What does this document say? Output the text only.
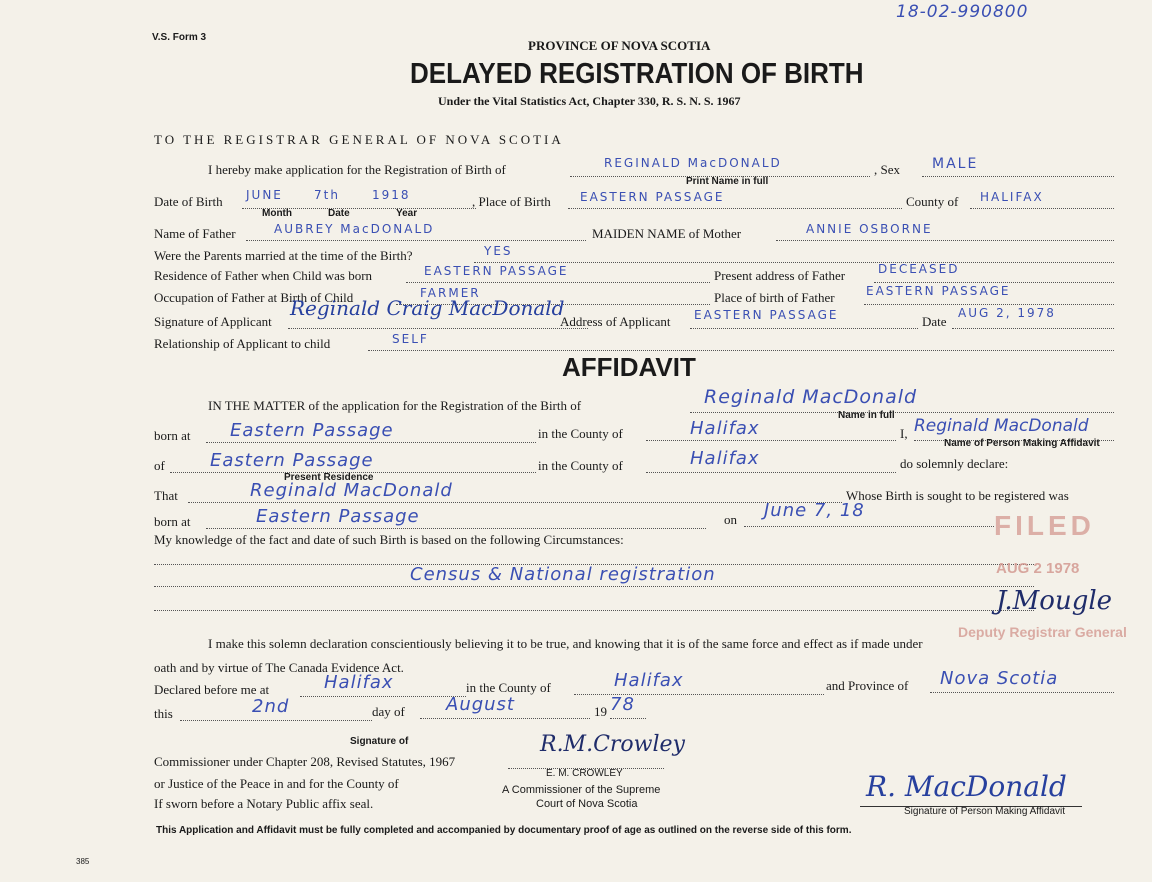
V.S. Form 3
18-02-990800
PROVINCE OF NOVA SCOTIA
DELAYED REGISTRATION OF BIRTH
Under the Vital Statistics Act, Chapter 330, R. S. N. S. 1967
TO THE REGISTRAR GENERAL OF NOVA SCOTIA
I hereby make application for the Registration of Birth of	REGINALD MacDONALD
Print Name in full
, Sex MALE
Date of Birth JUNE	7th	1918
Month	Date	Year
, Place of Birth EASTERN PASSAGE	County of HALIFAX
Name of Father	AUBREY MacDONALD	MAIDEN NAME of Mother	ANNIE OSBORNE
Were the Parents married at the time of the Birth?	YES
Residence of Father when Child was born	EASTERN PASSAGE	Present address of Father	DECEASED
Occupation of Father at Birth of Child	FARMER	Place of birth of Father	EASTERN PASSAGE
Signature of Applicant
Reginald Craig MacDonald
Address of Applicant EASTERN PASSAGE	Date
AUG 2, 1978
Relationship of Applicant to child	SELF
AFFIDAVIT
IN THE MATTER of the application for the Registration of the Birth of	Reginald MacDonald
Name in full
born at Eastern Passage	in the County of	Halifax	I, Reginald MacDonald
Name of Person Making Affidavit
of	Eastern Passage
Present Residence
in the County of	Halifax	do solemnly declare:
That	Reginald MacDonald	Whose Birth is sought to be registered was
born at	Eastern Passage	on June 7, 18
My knowledge of the fact and date of such Birth is based on the following Circumstances:
Census & National registration
FILED
AUG 2 1978
J.Mougle
Deputy Registrar General
I make this solemn declaration conscientiously believing it to be true, and knowing that it is of the same force and effect as if made under
oath and by virtue of The Canada Evidence Act.
Declared before me at	Halifax	in the County of	Halifax	and Province of Nova Scotia
this	2nd	day of August	19 78
Signature of
Commissioner under Chapter 208, Revised Statutes, 1967
R.M.Crowley
E. M. CROWLEY
or Justice of the Peace in and for the County of	A Commissioner of the Supreme
If sworn before a Notary Public affix seal.	Court of Nova Scotia
R. MacDonald
Signature of Person Making Affidavit
This Application and Affidavit must be fully completed and accompanied by documentary proof of age as outlined on the reverse side of this form.
385
